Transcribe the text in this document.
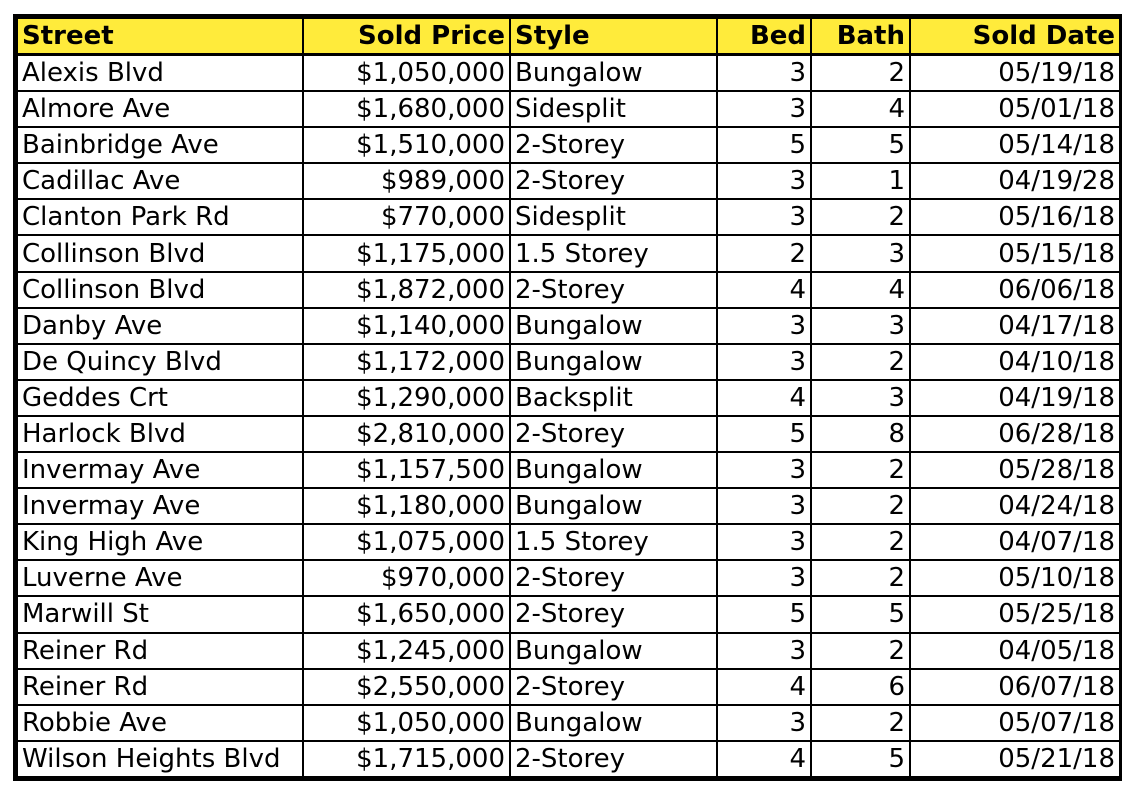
Street	Sold Price	Style	Bed	Bath	Sold Date
Alexis Blvd	$1,050,000	Bungalow	3	2	05/19/18
Almore Ave	$1,680,000	Sidesplit	3	4	05/01/18
Bainbridge Ave	$1,510,000	2-Storey	5	5	05/14/18
Cadillac Ave	$989,000	2-Storey	3	1	04/19/28
Clanton Park Rd	$770,000	Sidesplit	3	2	05/16/18
Collinson Blvd	$1,175,000	1.5 Storey	2	3	05/15/18
Collinson Blvd	$1,872,000	2-Storey	4	4	06/06/18
Danby Ave	$1,140,000	Bungalow	3	3	04/17/18
De Quincy Blvd	$1,172,000	Bungalow	3	2	04/10/18
Geddes Crt	$1,290,000	Backsplit	4	3	04/19/18
Harlock Blvd	$2,810,000	2-Storey	5	8	06/28/18
Invermay Ave	$1,157,500	Bungalow	3	2	05/28/18
Invermay Ave	$1,180,000	Bungalow	3	2	04/24/18
King High Ave	$1,075,000	1.5 Storey	3	2	04/07/18
Luverne Ave	$970,000	2-Storey	3	2	05/10/18
Marwill St	$1,650,000	2-Storey	5	5	05/25/18
Reiner Rd	$1,245,000	Bungalow	3	2	04/05/18
Reiner Rd	$2,550,000	2-Storey	4	6	06/07/18
Robbie Ave	$1,050,000	Bungalow	3	2	05/07/18
Wilson Heights Blvd	$1,715,000	2-Storey	4	5	05/21/18
